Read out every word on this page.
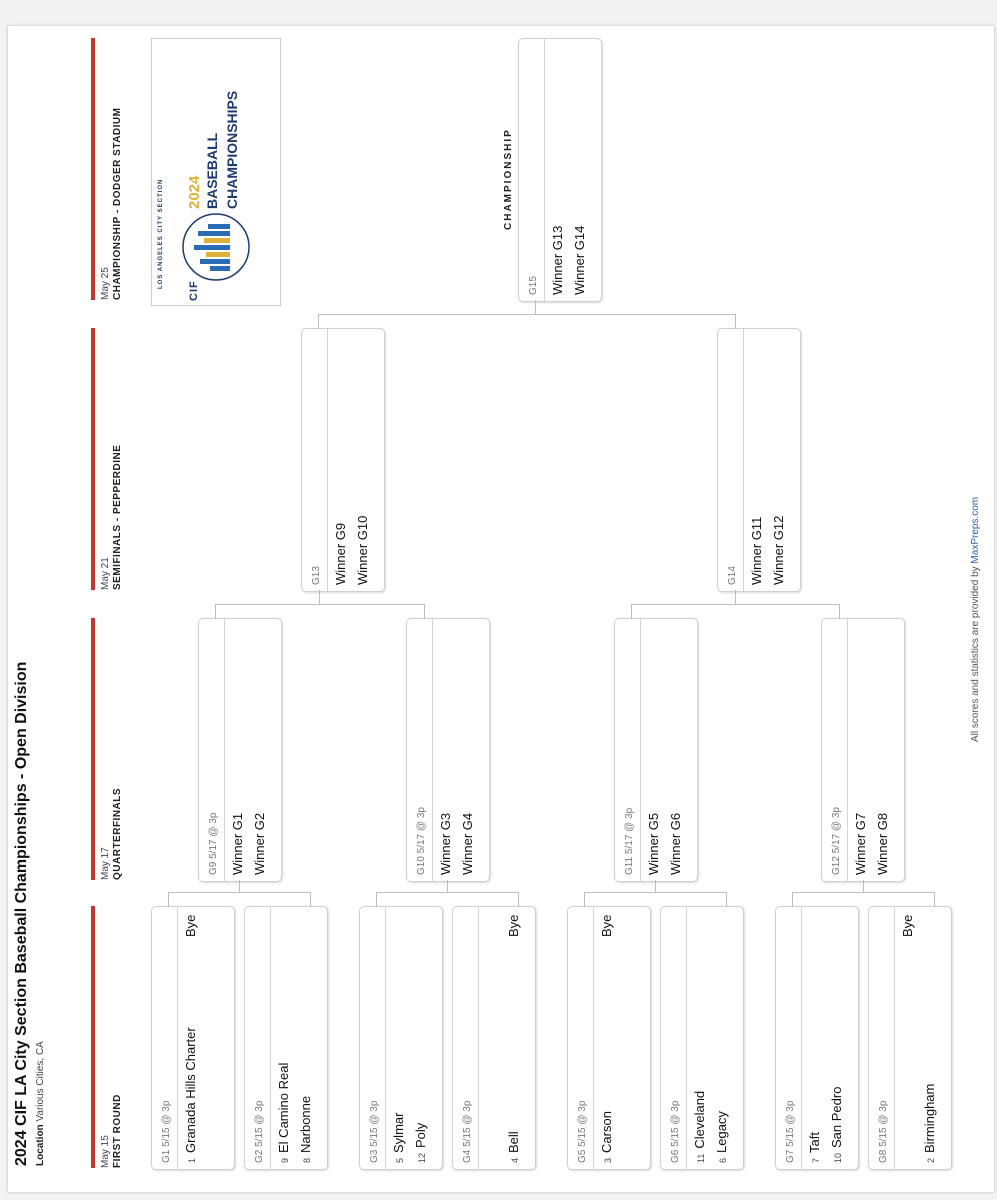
2024 CIF LA City Section Baseball Championships - Open Division Location Various Cities, CA
May 15 FIRST ROUND
May 17 QUARTERFINALS
May 21 SEMIFINALS - PEPPERDINE
May 25 CHAMPIONSHIP - DODGER STADIUM	CIF
LOS ANGELES CITY SECTION 2024 BASEBALL CHAMPIONSHIPS
G1 5/15 @ 3p	1Granada Hills Charter
Bye
G2 5/15 @ 3p	9El Camino Real
8Narbonne	G3 5/15 @ 3p	5Sylmar
12Poly	G4 5/15 @ 3p	4Bell
Bye
G5 5/15 @ 3p	3Carson
Bye
G6 5/15 @ 3p	11Cleveland
6Legacy	G7 5/15 @ 3p	7Taft
10San Pedro	G8 5/15 @ 3p	2Birmingham
Bye
G9 5/17 @ 3p Winner G1 Winner G2	G10 5/17 @ 3p Winner G3 Winner G4	G11 5/17 @ 3p Winner G5 Winner G6	G12 5/17 @ 3p Winner G7 Winner G8
G13 Winner G9 Winner G10	G14 Winner G11 Winner G12
G15 Winner G13 Winner G14
CHAMPIONSHIP
All scores and statistics are provided by MaxPreps.com
